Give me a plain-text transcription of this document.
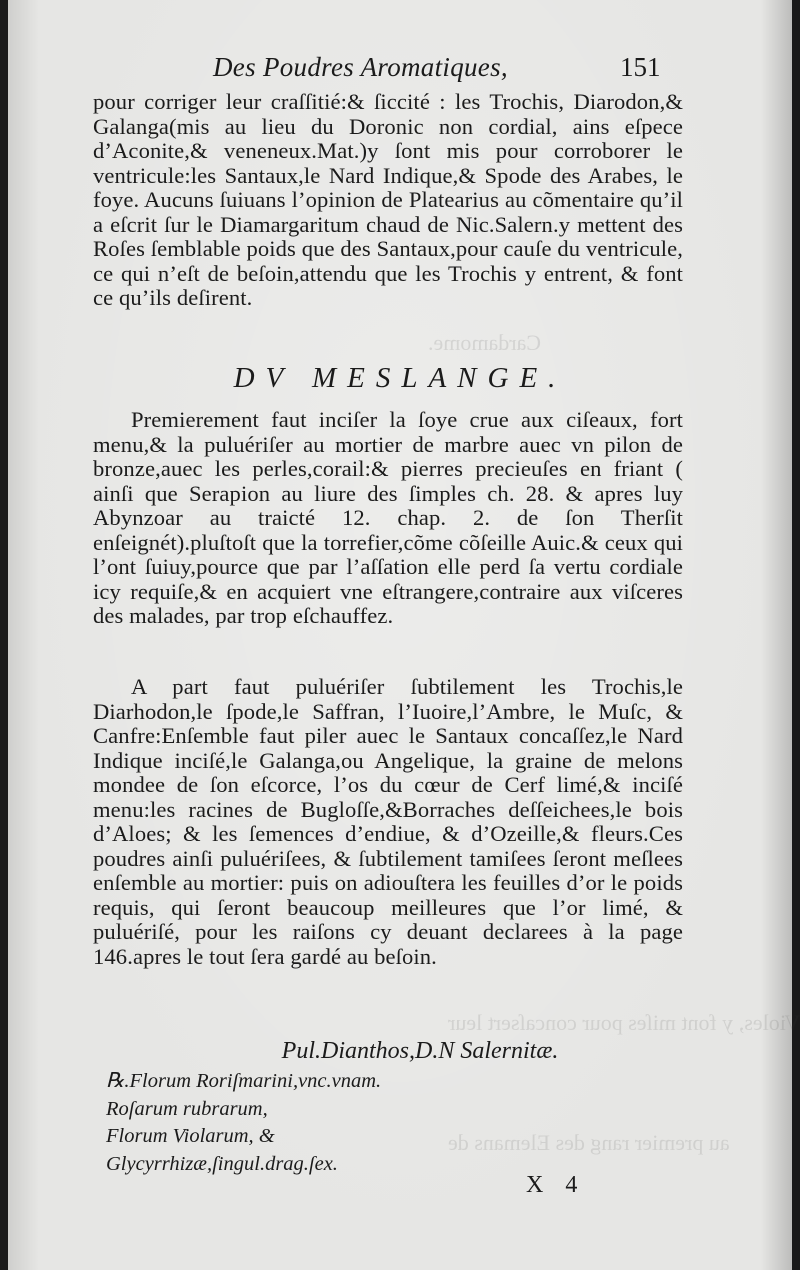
Cardamome.
Violes, y font miſes pour concaſsert leur
au premier rang des Elemans de
Des Poudres Aromatiques,	151
pour corriger leur craſſitié:& ſiccité : les Trochis, Diarodon,& Galanga(mis au lieu du Doronic non cordial, ains eſpece d’Aconite,& veneneux.Mat.)y ſont mis pour corroborer le ventricule:les Santaux,le Nard Indique,& Spode des Arabes, le foye. Aucuns ſuiuans l’opinion de Platearius au cõmentaire qu’il a eſcrit ſur le Diamargaritum chaud de Nic.Salern.y mettent des Roſes ſemblable poids que des Santaux,pour cauſe du ventricule, ce qui n’eſt de beſoin,attendu que les Trochis y entrent, & font ce qu’ils deſirent.
DV MESLANGE.
Premierement faut inciſer la ſoye crue aux ciſeaux, fort menu,& la puluériſer au mortier de marbre auec vn pilon de bronze,auec les perles,corail:& pierres precieuſes en friant ( ainſi que Serapion au liure des ſimples ch. 28. & apres luy Abynzoar au traicté 12. chap. 2. de ſon Therſit enſeignét).pluſtoſt que la torrefier,cõme cõſeille Auic.& ceux qui l’ont ſuiuy,pource que par l’aſſation elle perd ſa vertu cordiale icy requiſe,& en acquiert vne eſtrangere,contraire aux viſceres des malades, par trop eſchauffez.
A part faut puluériſer ſubtilement les Trochis,le Diarhodon,le ſpode,le Saffran, l’Iuoire,l’Ambre, le Muſc, & Canfre:Enſemble faut piler auec le Santaux concaſſez,le Nard Indique inciſé,le Galanga,ou Angelique, la graine de melons mondee de ſon eſcorce, l’os du cœur de Cerf limé,& inciſé menu:les racines de Bugloſſe,&Borraches deſſeichees,le bois d’Aloes; & les ſemences d’endiue, & d’Ozeille,& fleurs.Ces poudres ainſi puluériſees, & ſubtilement tamiſees ſeront meſlees enſemble au mortier: puis on adiouſtera les feuilles d’or le poids requis, qui ſeront beaucoup meilleures que l’or limé, & puluériſé, pour les raiſons cy deuant declarees à la page 146.apres le tout ſera gardé au beſoin.
Pul.Dianthos,D.N Salernitæ.
℞.Florum Roriſmarini,vnc.vnam.
Roſarum rubrarum,
Florum Violarum, &
Glycyrrhizæ,ſingul.drag.ſex.
X 4
